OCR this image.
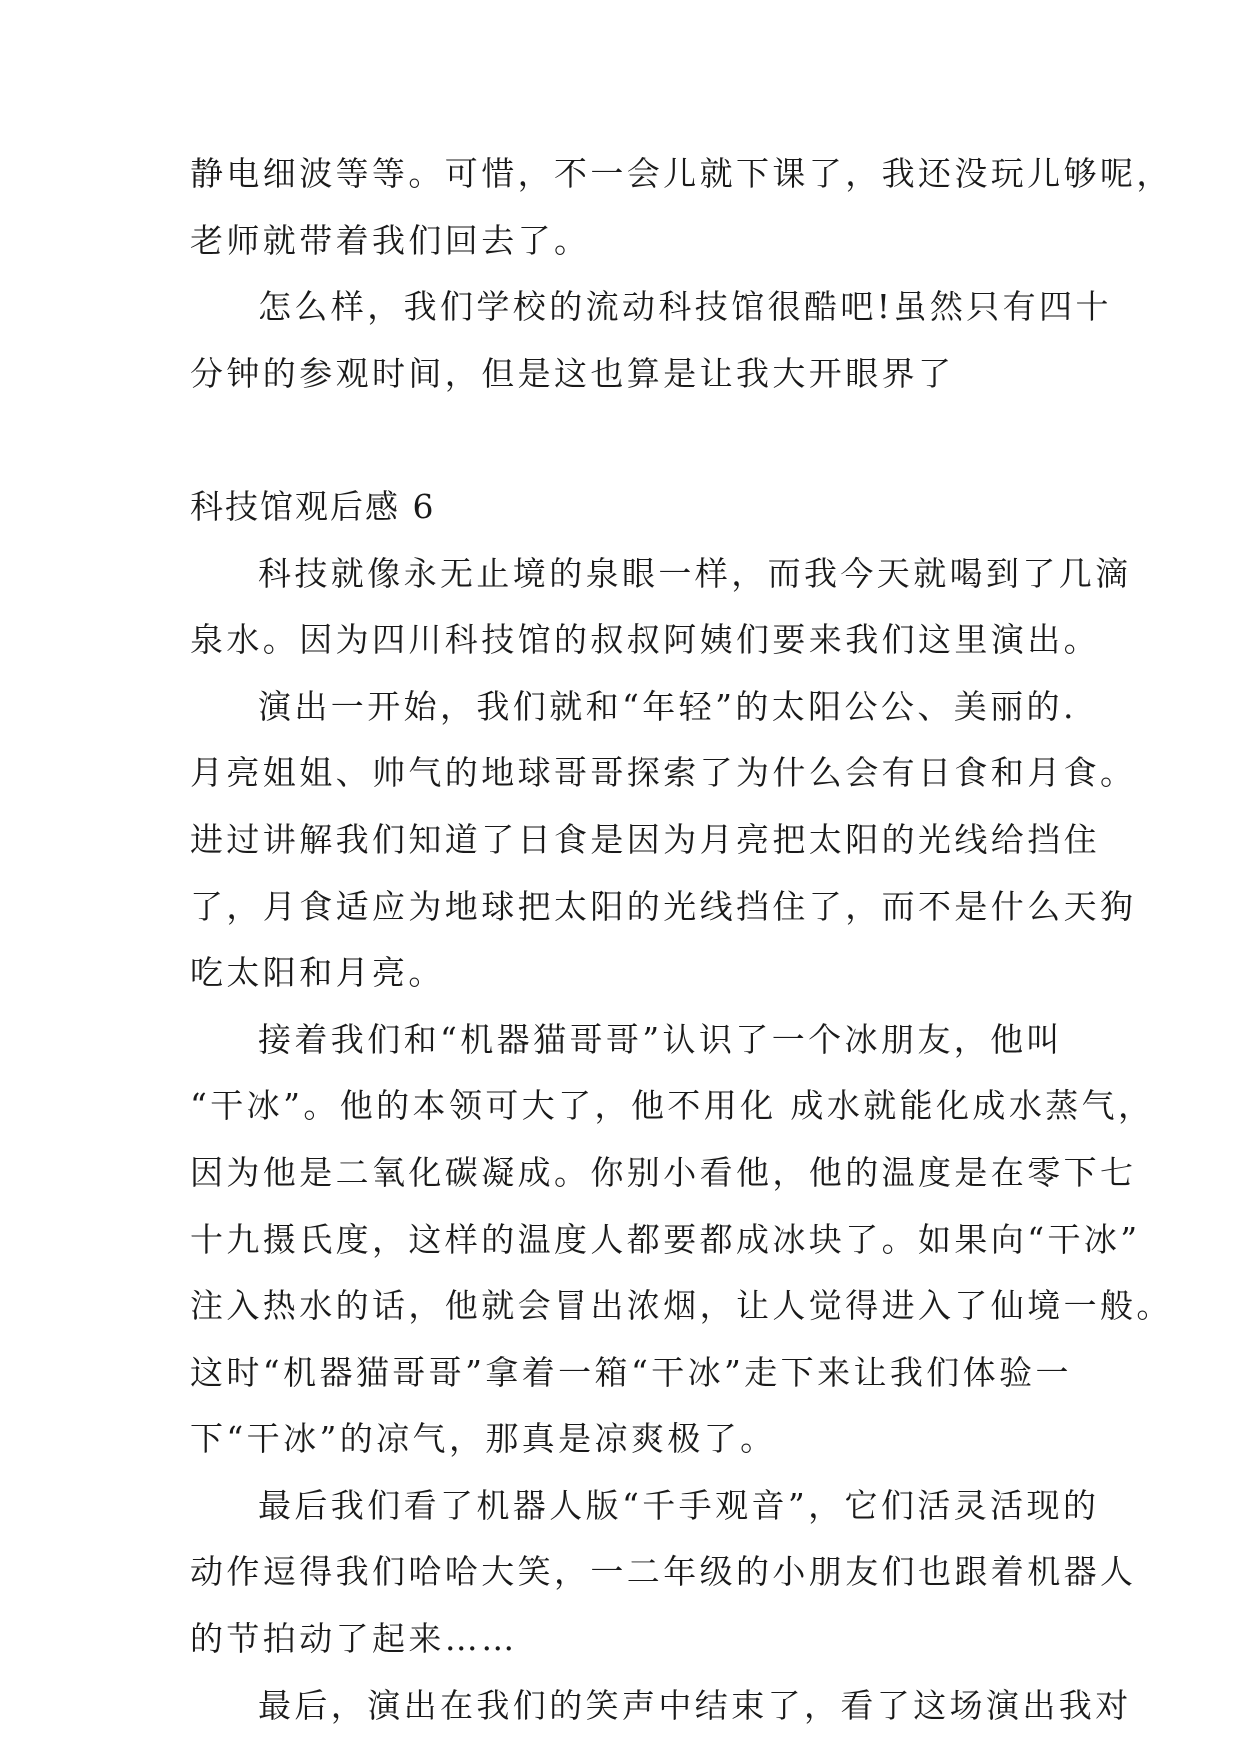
静电细波等等。可惜，不一会儿就下课了，我还没玩儿够呢，
老师就带着我们回去了。
怎么样，我们学校的流动科技馆很酷吧!虽然只有四十
分钟的参观时间，但是这也算是让我大开眼界了
科技馆观后感 6
科技就像永无止境的泉眼一样，而我今天就喝到了几滴
泉水。因为四川科技馆的叔叔阿姨们要来我们这里演出。
演出一开始，我们就和“年轻”的太阳公公、美丽的.
月亮姐姐、帅气的地球哥哥探索了为什么会有日食和月食。
进过讲解我们知道了日食是因为月亮把太阳的光线给挡住
了，月食适应为地球把太阳的光线挡住了，而不是什么天狗
吃太阳和月亮。
接着我们和“机器猫哥哥”认识了一个冰朋友，他叫
“干冰”。他的本领可大了，他不用化 成水就能化成水蒸气，
因为他是二氧化碳凝成。你别小看他，他的温度是在零下七
十九摄氏度，这样的温度人都要都成冰块了。如果向“干冰”
注入热水的话，他就会冒出浓烟，让人觉得进入了仙境一般。
这时“机器猫哥哥”拿着一箱“干冰”走下来让我们体验一
下“干冰”的凉气，那真是凉爽极了。
最后我们看了机器人版“千手观音”，它们活灵活现的
动作逗得我们哈哈大笑，一二年级的小朋友们也跟着机器人
的节拍动了起来……
最后，演出在我们的笑声中结束了，看了这场演出我对
